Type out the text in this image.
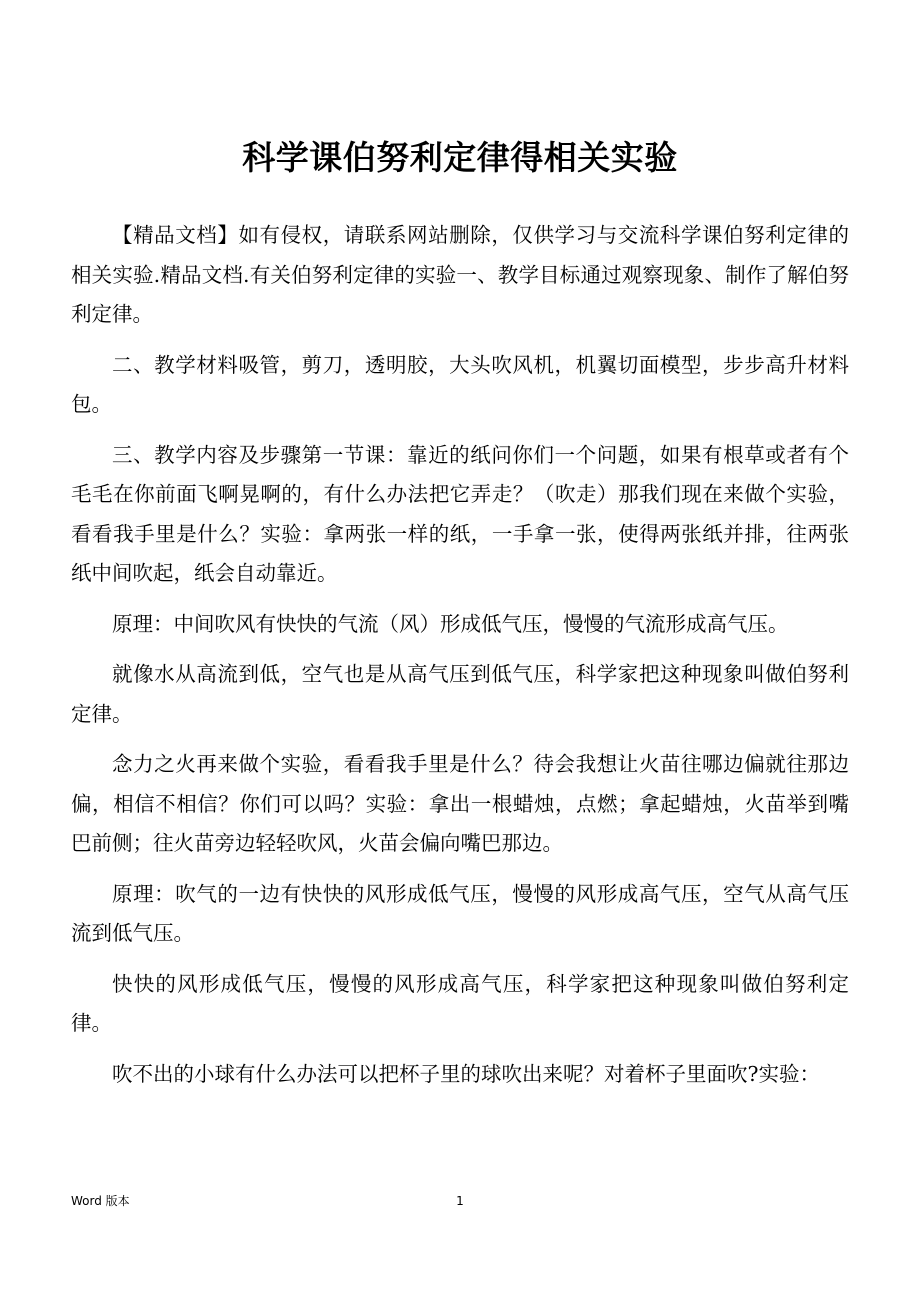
科学课伯努利定律得相关实验

【精品文档】如有侵权，请联系网站删除，仅供学习与交流科学课伯努利定律的相关实验.精品文档.有关伯努利定律的实验一、教学目标通过观察现象、制作了解伯努利定律。

二、教学材料吸管，剪刀，透明胶，大头吹风机，机翼切面模型，步步高升材料包。

三、教学内容及步骤第一节课：靠近的纸问你们一个问题，如果有根草或者有个毛毛在你前面飞啊晃啊的，有什么办法把它弄走？（吹走）那我们现在来做个实验，看看我手里是什么？实验：拿两张一样的纸，一手拿一张，使得两张纸并排，往两张纸中间吹起，纸会自动靠近。

原理：中间吹风有快快的气流（风）形成低气压，慢慢的气流形成高气压。

就像水从高流到低，空气也是从高气压到低气压，科学家把这种现象叫做伯努利定律。

念力之火再来做个实验，看看我手里是什么？待会我想让火苗往哪边偏就往那边偏，相信不相信？你们可以吗？实验：拿出一根蜡烛，点燃；拿起蜡烛，火苗举到嘴巴前侧；往火苗旁边轻轻吹风，火苗会偏向嘴巴那边。

原理：吹气的一边有快快的风形成低气压，慢慢的风形成高气压，空气从高气压流到低气压。

快快的风形成低气压，慢慢的风形成高气压，科学家把这种现象叫做伯努利定律。

吹不出的小球有什么办法可以把杯子里的球吹出来呢？对着杯子里面吹?实验：

Word 版本	1
